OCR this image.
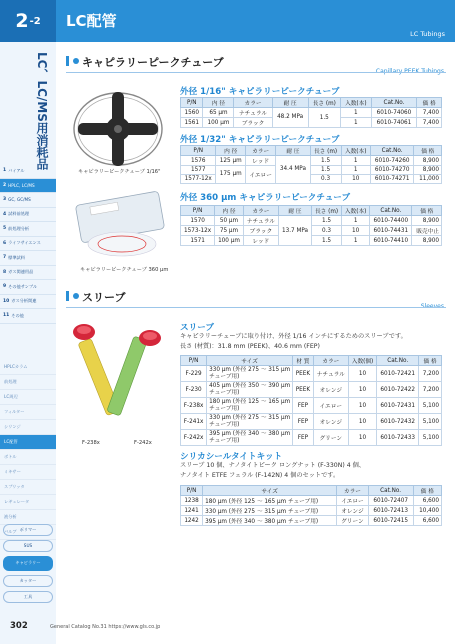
2 -2 LC配管
LC Tubings
LC、LC/MS用消耗品
1 バイアル
2 HPLC, LC/MS
3 GC, GC/MS
4 試料前処理
5 前処理分析
6 ライフサイエンス
7 標準試料
8 ガス関連用品
9 その他サンプル
10 ガス分析関連
11 その他
HPLCカラム
前処理
LC周辺
フィルター
シリンジ
LC配管
ボトル
ミキサー
スプリッタ
レギュレータ
液分析
バルブ ポリマー
SUS
キャピラリー
カッター
工具
キャピラリーピークチューブ
キャピラリーピークチューブ 1/16"
キャピラリーピークチューブ 360 μm
外径 1/16" キャピラリーピークチューブ
P/N	内 径	カラー	耐 圧	長さ (m)	入数(本)	Cat.No.	価 格
1560	65 μm	ナチュラル	48.2 MPa	1.5	1	6010-74060	7,400
1561	100 μm	ブラック			1	6010-74061	7,400
外径 1/32" キャピラリーピークチューブ
P/N	内 径	カラー	耐 圧	長さ (m)	入数(本)	Cat.No.	価 格
1576	125 μm	レッド	34.4 MPa	1.5	1	6010-74260	8,900
1577	175 μm	イエロー		1.5	1	6010-74270	8,900
1577-12x				0.3	10	6010-74271	11,000
外径 360 μm キャピラリーピークチューブ
P/N	内 径	カラー	耐 圧	長さ (m)	入数(本)	Cat.No.	価 格
1570	50 μm	ナチュラル	13.7 MPa	1.5	1	6010-74400	8,900
1573-12x	75 μm	ブラック		0.3	10	6010-74431	販売中止
1571	100 μm	レッド		1.5	1	6010-74410	8,900
スリーブ
F-238x	F-242x
スリーブ
キャピラリーチューブに取り付け、外径 1/16 インチにするためのスリーブです。
長さ (材質)：31.8 mm (PEEK)、40.6 mm (FEP)
P/N	サイズ	材 質	カラー	入数(個)	Cat.No.	価 格
F-229	330 μm (外径 275 ～ 315 μm チューブ用)	PEEK	ナチュラル	10	6010-72421	7,200
F-230	405 μm (外径 350 ～ 390 μm チューブ用)	PEEK	オレンジ	10	6010-72422	7,200
F-238x	180 μm (外径 125 ～ 165 μm チューブ用)	FEP	イエロー	10	6010-72431	5,100
F-241x	330 μm (外径 275 ～ 315 μm チューブ用)	FEP	オレンジ	10	6010-72432	5,100
F-242x	395 μm (外径 340 ～ 380 μm チューブ用)	FEP	グリーン	10	6010-72433	5,100
シリカシールタイトキット
スリーブ 10 個、ナノタイトピーク ロングナット (F-330N) 4 個、
ナノタイト ETFE フェラル (F-142N) 4 個のセットです。
P/N	サイズ	カラー	Cat.No.	価 格
1238	180 μm (外径 125 ～ 165 μm チューブ用)	イエロー	6010-72407	6,600
1241	330 μm (外径 275 ～ 315 μm チューブ用)	オレンジ	6010-72413	10,400
1242	395 μm (外径 340 ～ 380 μm チューブ用)	グリーン	6010-72415	6,600
302	General Catalog No.31 https://www.gls.co.jp
